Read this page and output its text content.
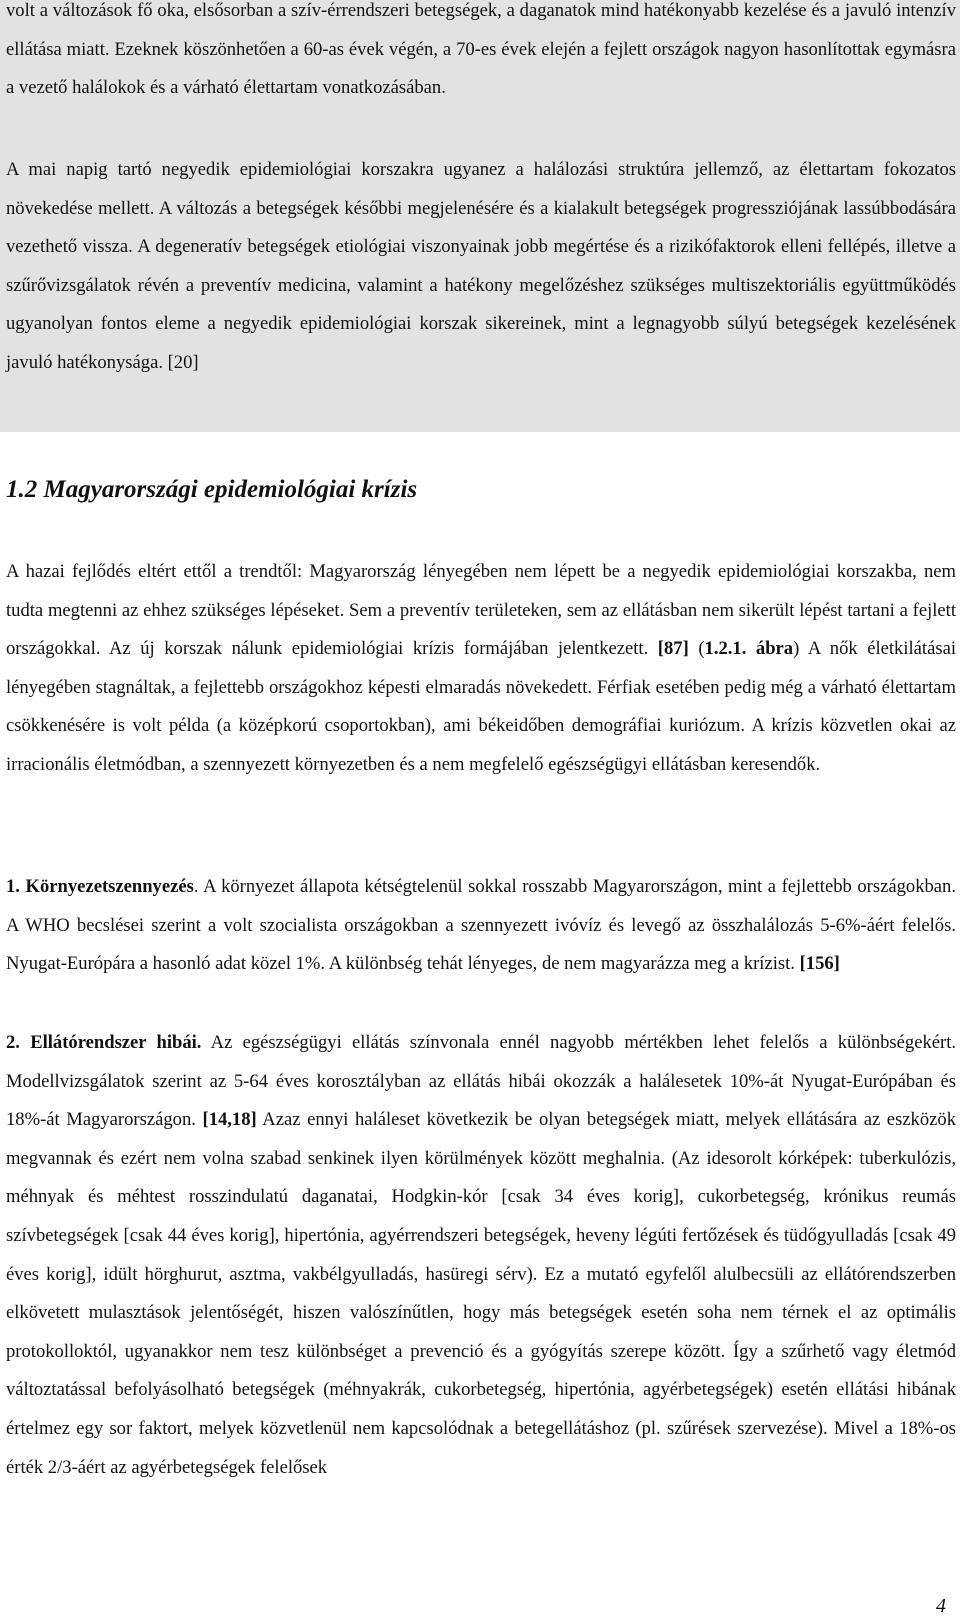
volt a változások fő oka, elsősorban a szív-érrendszeri betegségek, a daganatok mind hatékonyabb kezelése és a javuló intenzív ellátása miatt. Ezeknek köszönhetően a 60-as évek végén, a 70-es évek elején a fejlett országok nagyon hasonlítottak egymásra a vezető halálokok és a várható élettartam vonatkozásában.

A mai napig tartó negyedik epidemiológiai korszakra ugyanez a halálozási struktúra jellemző, az élettartam fokozatos növekedése mellett. A változás a betegségek későbbi megjelenésére és a kialakult betegségek progressziójának lassúbbodására vezethető vissza. A degeneratív betegségek etiológiai viszonyainak jobb megértése és a rizikófaktorok elleni fellépés, illetve a szűrővizsgálatok révén a preventív medicina, valamint a hatékony megelőzéshez szükséges multiszektoriális együttműködés ugyanolyan fontos eleme a negyedik epidemiológiai korszak sikereinek, mint a legnagyobb súlyú betegségek kezelésének javuló hatékonysága. [20]

1.2 Magyarországi epidemiológiai krízis

A hazai fejlődés eltért ettől a trendtől: Magyarország lényegében nem lépett be a negyedik epidemiológiai korszakba, nem tudta megtenni az ehhez szükséges lépéseket. Sem a preventív területeken, sem az ellátásban nem sikerült lépést tartani a fejlett országokkal. Az új korszak nálunk epidemiológiai krízis formájában jelentkezett. [87] (1.2.1. ábra) A nők életkilátásai lényegében stagnáltak, a fejlettebb országokhoz képesti elmaradás növekedett. Férfiak esetében pedig még a várható élettartam csökkenésére is volt példa (a középkorú csoportokban), ami békeidőben demográfiai kuriózum. A krízis közvetlen okai az irracionális életmódban, a szennyezett környezetben és a nem megfelelő egészségügyi ellátásban keresendők.

1. Környezetszennyezés. A környezet állapota kétségtelenül sokkal rosszabb Magyarországon, mint a fejlettebb országokban. A WHO becslései szerint a volt szocialista országokban a szennyezett ivóvíz és levegő az összhalálozás 5-6%-áért felelős. Nyugat-Európára a hasonló adat közel 1%. A különbség tehát lényeges, de nem magyarázza meg a krízist. [156]

2. Ellátórendszer hibái. Az egészségügyi ellátás színvonala ennél nagyobb mértékben lehet felelős a különbségekért. Modellvizsgálatok szerint az 5-64 éves korosztályban az ellátás hibái okozzák a halálesetek 10%-át Nyugat-Európában és 18%-át Magyarországon. [14,18] Azaz ennyi haláleset következik be olyan betegségek miatt, melyek ellátására az eszközök megvannak és ezért nem volna szabad senkinek ilyen körülmények között meghalnia. (Az idesorolt kórképek: tuberkulózis, méhnyak és méhtest rosszindulatú daganatai, Hodgkin-kór [csak 34 éves korig], cukorbetegség, krónikus reumás szívbetegségek [csak 44 éves korig], hipertónia, agyérrendszeri betegségek, heveny légúti fertőzések és tüdőgyulladás [csak 49 éves korig], idült hörghurut, asztma, vakbélgyulladás, hasüregi sérv). Ez a mutató egyfelől alulbecsüli az ellátórendszerben elkövetett mulasztások jelentőségét, hiszen valószínűtlen, hogy más betegségek esetén soha nem térnek el az optimális protokolloktól, ugyanakkor nem tesz különbséget a prevenció és a gyógyítás szerepe között. Így a szűrhető vagy életmód változtatással befolyásolható betegségek (méhnyakrák, cukorbetegség, hipertónia, agyérbetegségek) esetén ellátási hibának értelmez egy sor faktort, melyek közvetlenül nem kapcsolódnak a betegellátáshoz (pl. szűrések szervezése). Mivel a 18%-os érték 2/3-áért az agyérbetegségek felelősek

4
